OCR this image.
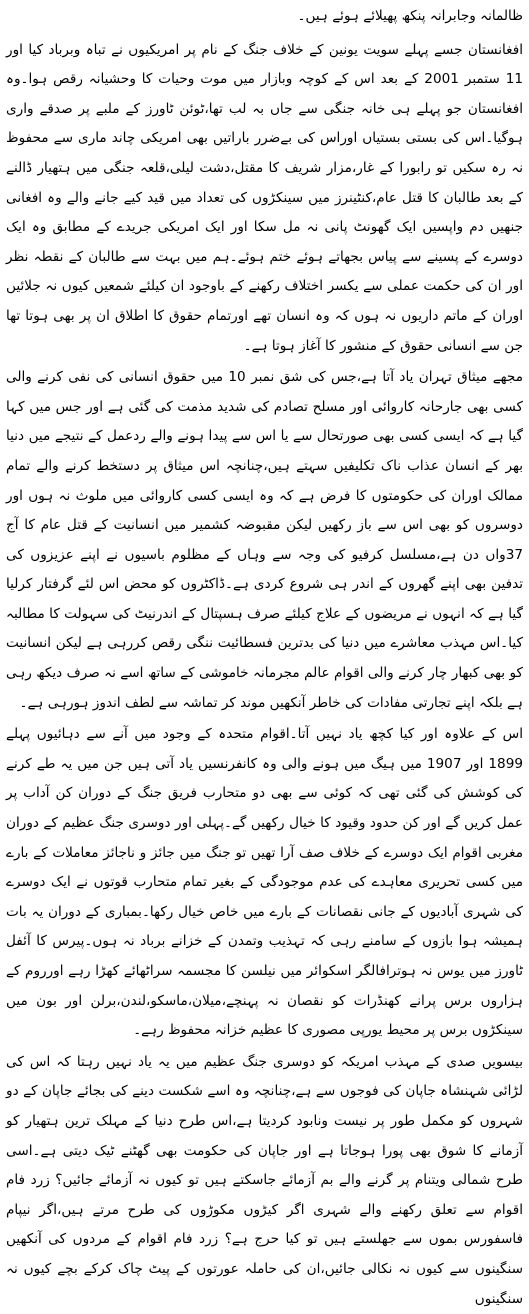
ظالمانہ وجابرانہ پنکھ پھیلائے ہوئے ہیں۔

افغانستان جسے پہلے سویت یونین کے خلاف جنگ کے نام پر امریکیوں نے تباہ وبرباد کیا اور 11 ستمبر 2001 کے بعد اس کے کوچہ وبازار میں موت وحیات کا وحشیانہ رقص ہوا۔وہ افغانستان جو پہلے ہی خانہ جنگی سے جاں بہ لب تھا،ٹوئن ٹاورز کے ملبے پر صدقے واری ہوگیا۔اس کی بستی بستیاں اوراس کی بےضرر باراتیں بھی امریکی چاند ماری سے محفوظ نہ رہ سکیں تو رابورا کے غار،مزار شریف کا مقتل،دشت لیلی،قلعہ جنگی میں ہتھیار ڈالنے کے بعد طالبان کا قتل عام،کنٹینرز میں سینکڑوں کی تعداد میں قید کیے جانے والے وہ افغانی جنھیں دم واپسیں ایک گھونٹ پانی نہ مل سکا اور ایک امریکی جریدے کے مطابق وہ ایک دوسرے کے پسینے سے پیاس بجھاتے ہوئے ختم ہوئے۔ہم میں بہت سے طالبان کے نقطہ نظر اور ان کی حکمت عملی سے یکسر اختلاف رکھنے کے باوجود ان کیلئے شمعیں کیوں نہ جلائیں اوران کے ماتم داریوں نہ ہوں کہ وہ انسان تھے اورتمام حقوق کا اطلاق ان پر بھی ہوتا تھا جن سے انسانی حقوق کے منشور کا آغاز ہوتا ہے۔

مجھے میثاق تہران یاد آتا ہے،جس کی شق نمبر 10 میں حقوق انسانی کی نفی کرنے والی کسی بھی جارحانہ کاروائی اور مسلح تصادم کی شدید مذمت کی گئی ہے اور جس میں کہا گیا ہے کہ ایسی کسی بھی صورتحال سے یا اس سے پیدا ہونے والے ردعمل کے نتیجے میں دنیا بھر کے انسان عذاب ناک تکلیفیں سہتے ہیں،چنانچہ اس میثاق پر دستخط کرنے والے تمام ممالک اوران کی حکومتوں کا فرض ہے کہ وہ ایسی کسی کاروائی میں ملوث نہ ہوں اور دوسروں کو بھی اس سے باز رکھیں لیکن مقبوضہ کشمیر میں انسانیت کے قتل عام کا آج 37واں دن ہے،مسلسل کرفیو کی وجہ سے وہاں کے مظلوم باسیوں نے اپنے عزیزوں کی تدفین بھی اپنے گھروں کے اندر ہی شروع کردی ہے۔ڈاکٹروں کو محض اس لئے گرفتار کرلیا گیا ہے کہ انہوں نے مریضوں کے علاج کیلئے صرف ہسپتال کے اندرنیٹ کی سہولت کا مطالبہ کیا۔اس مہذب معاشرے میں دنیا کی بدترین فسطائیت ننگی رقص کررہی ہے لیکن انسانیت کو بھی کبھار چار کرنے والی اقوام عالم مجرمانہ خاموشی کے ساتھ اسے نہ صرف دیکھ رہی ہے بلکہ اپنے تجارتی مفادات کی خاطر آنکھیں موند کر تماشہ سے لطف اندوز ہورہی ہے۔

اس کے علاوہ اور کیا کچھ یاد نہیں آتا۔اقوام متحدہ کے وجود میں آنے سے دہائیوں پہلے 1899 اور 1907 میں ہیگ میں ہونے والی وہ کانفرنسیں یاد آتی ہیں جن میں یہ طے کرنے کی کوشش کی گئی تھی کہ کوئی سے بھی دو متحارب فریق جنگ کے دوران کن آداب پر عمل کریں گے اور کن حدود وقیود کا خیال رکھیں گے۔پہلی اور دوسری جنگ عظیم کے دوران مغربی اقوام ایک دوسرے کے خلاف صف آرا تھیں تو جنگ میں جائز و ناجائز معاملات کے بارے میں کسی تحریری معاہدے کی عدم موجودگی کے بغیر تمام متحارب قوتوں نے ایک دوسرے کی شہری آبادیوں کے جانی نقصانات کے بارے میں خاص خیال رکھا۔بمباری کے دوران یہ بات ہمیشہ ہوا بازوں کے سامنے رہی کہ تہذیب وتمدن کے خزانے برباد نہ ہوں۔پیرس کا آئفل ٹاورز میں یوس نہ ہوترافالگر اسکوائر میں نیلسن کا مجسمہ سراٹھائے کھڑا رہے اورروم کے ہزاروں برس پرانے کھنڈرات کو نقصان نہ پہنچے،میلان،ماسکو،لندن،برلن اور بون میں سینکڑوں برس پر محیط یورپی مصوری کا عظیم خزانہ محفوظ رہے۔

بیسویں صدی کے مہذب امریکہ کو دوسری جنگ عظیم میں یہ یاد نہیں رہتا کہ اس کی لڑائی شہنشاہ جاپان کی فوجوں سے ہے،چنانچہ وہ اسے شکست دینے کی بجائے جاپان کے دو شہروں کو مکمل طور پر نیست ونابود کردیتا ہے،اس طرح دنیا کے مہلک ترین ہتھیار کو آزمانے کا شوق بھی پورا ہوجاتا ہے اور جاپان کی حکومت بھی گھٹنے ٹیک دیتی ہے۔اسی طرح شمالی ویتنام پر گرنے والے بم آزمائے جاسکتے ہیں تو کیوں نہ آزمائے جائیں؟ زرد فام اقوام سے تعلق رکھنے والے شہری اگر کیڑوں مکوڑوں کی طرح مرتے ہیں،اگر نیپام فاسفورس بموں سے جھلستے ہیں تو کیا حرج ہے؟ زرد فام اقوام کے مردوں کی آنکھیں سنگینوں سے کیوں نہ نکالی جائیں،ان کی حاملہ عورتوں کے پیٹ چاک کرکے بچے کیوں نہ سنگینوں
